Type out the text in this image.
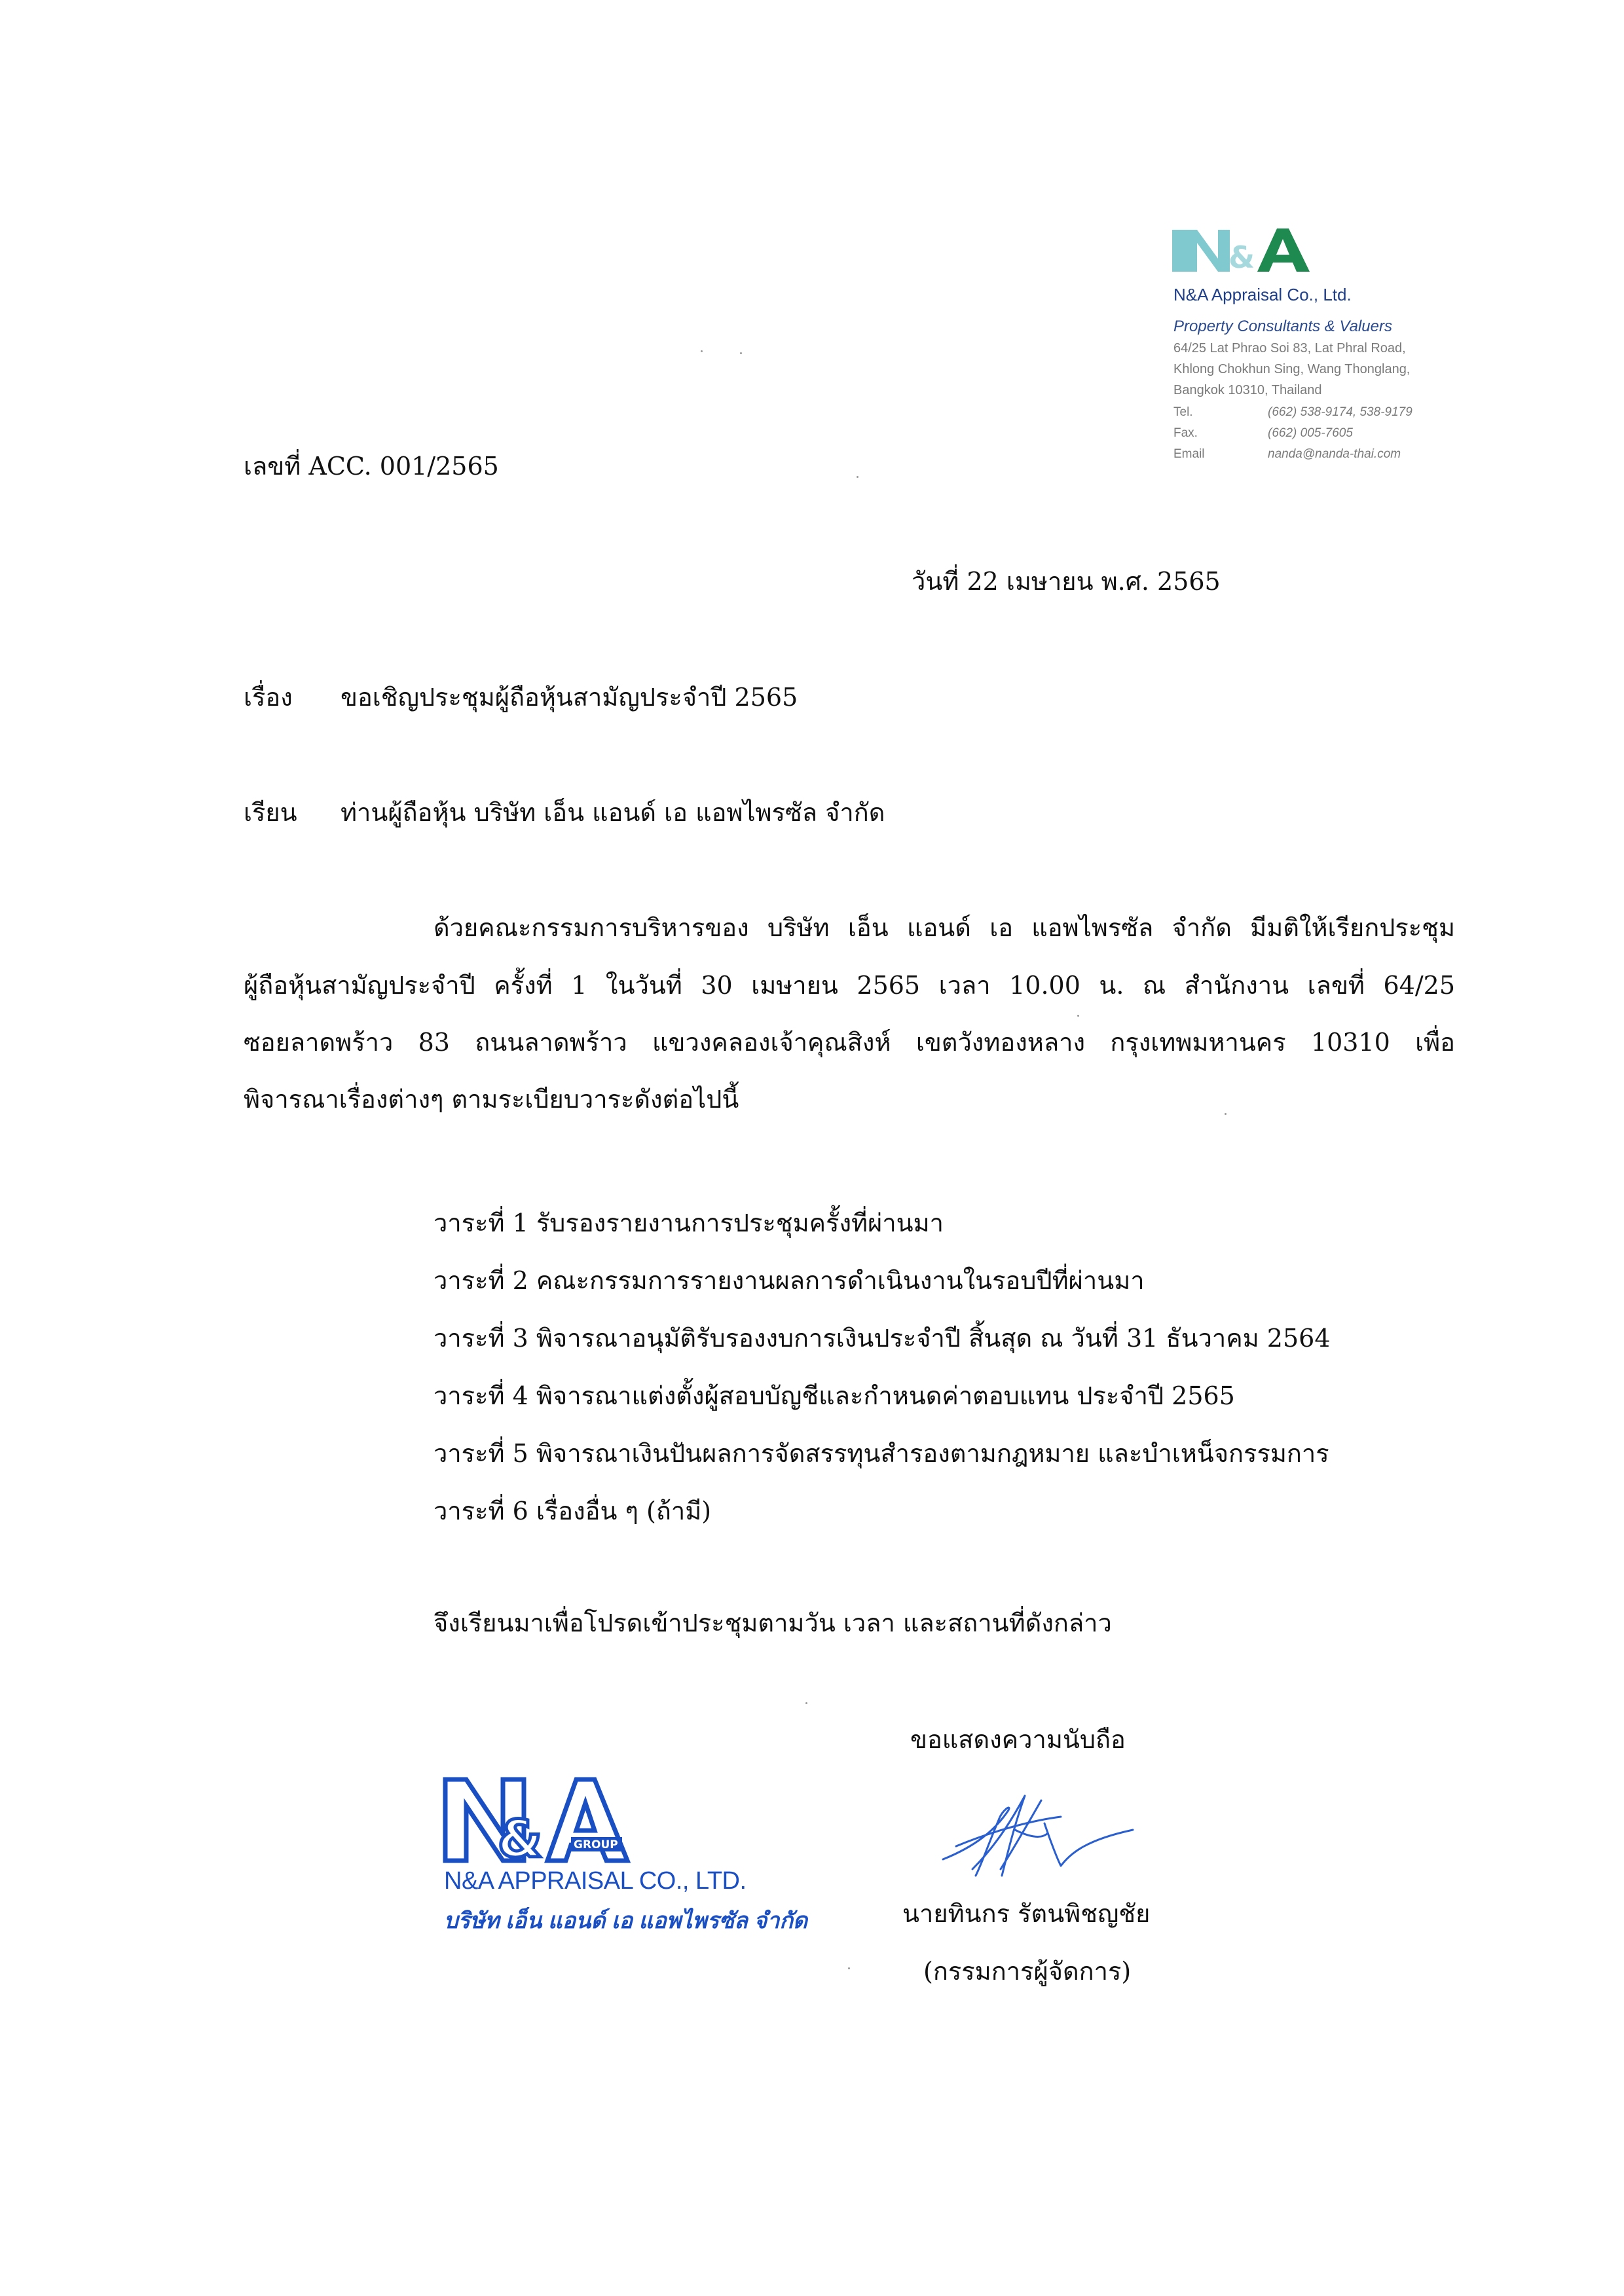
&
N&A Appraisal Co., Ltd.
Property Consultants & Valuers
64/25 Lat Phrao Soi 83, Lat Phral Road,
Khlong Chokhun Sing, Wang Thonglang,
Bangkok 10310, Thailand
Tel.	(662) 538-9174, 538-9179
Fax.	(662) 005-7605
Email	nanda@nanda-thai.com
เลขที่ ACC. 001/2565
วันที่ 22 เมษายน พ.ศ. 2565
เรื่อง ขอเชิญประชุมผู้ถือหุ้นสามัญประจำปี 2565
เรียน ท่านผู้ถือหุ้น บริษัท เอ็น แอนด์ เอ แอพไพรซัล จำกัด
ด้วยคณะกรรมการบริหารของ บริษัท เอ็น แอนด์ เอ แอพไพรซัล จำกัด มีมติให้เรียกประชุม
ผู้ถือหุ้นสามัญประจำปี ครั้งที่ 1 ในวันที่ 30 เมษายน 2565 เวลา 10.00 น. ณ สำนักงาน เลขที่ 64/25
ซอยลาดพร้าว 83 ถนนลาดพร้าว แขวงคลองเจ้าคุณสิงห์ เขตวังทองหลาง กรุงเทพมหานคร 10310 เพื่อ
พิจารณาเรื่องต่างๆ ตามระเบียบวาระดังต่อไปนี้
วาระที่ 1 รับรองรายงานการประชุมครั้งที่ผ่านมา
วาระที่ 2 คณะกรรมการรายงานผลการดำเนินงานในรอบปีที่ผ่านมา
วาระที่ 3 พิจารณาอนุมัติรับรองงบการเงินประจำปี สิ้นสุด ณ วันที่ 31 ธันวาคม 2564
วาระที่ 4 พิจารณาแต่งตั้งผู้สอบบัญชีและกำหนดค่าตอบแทน ประจำปี 2565
วาระที่ 5 พิจารณาเงินปันผลการจัดสรรทุนสำรองตามกฎหมาย และบำเหน็จกรรมการ
วาระที่ 6 เรื่องอื่น ๆ (ถ้ามี)
จึงเรียนมาเพื่อโปรดเข้าประชุมตามวัน เวลา และสถานที่ดังกล่าว
ขอแสดงความนับถือ
&	GROUP
N&A APPRAISAL CO., LTD.
บริษัท เอ็น แอนด์ เอ แอพไพรซัล จำกัด	นายทินกร รัตนพิชญชัย
(กรรมการผู้จัดการ)
